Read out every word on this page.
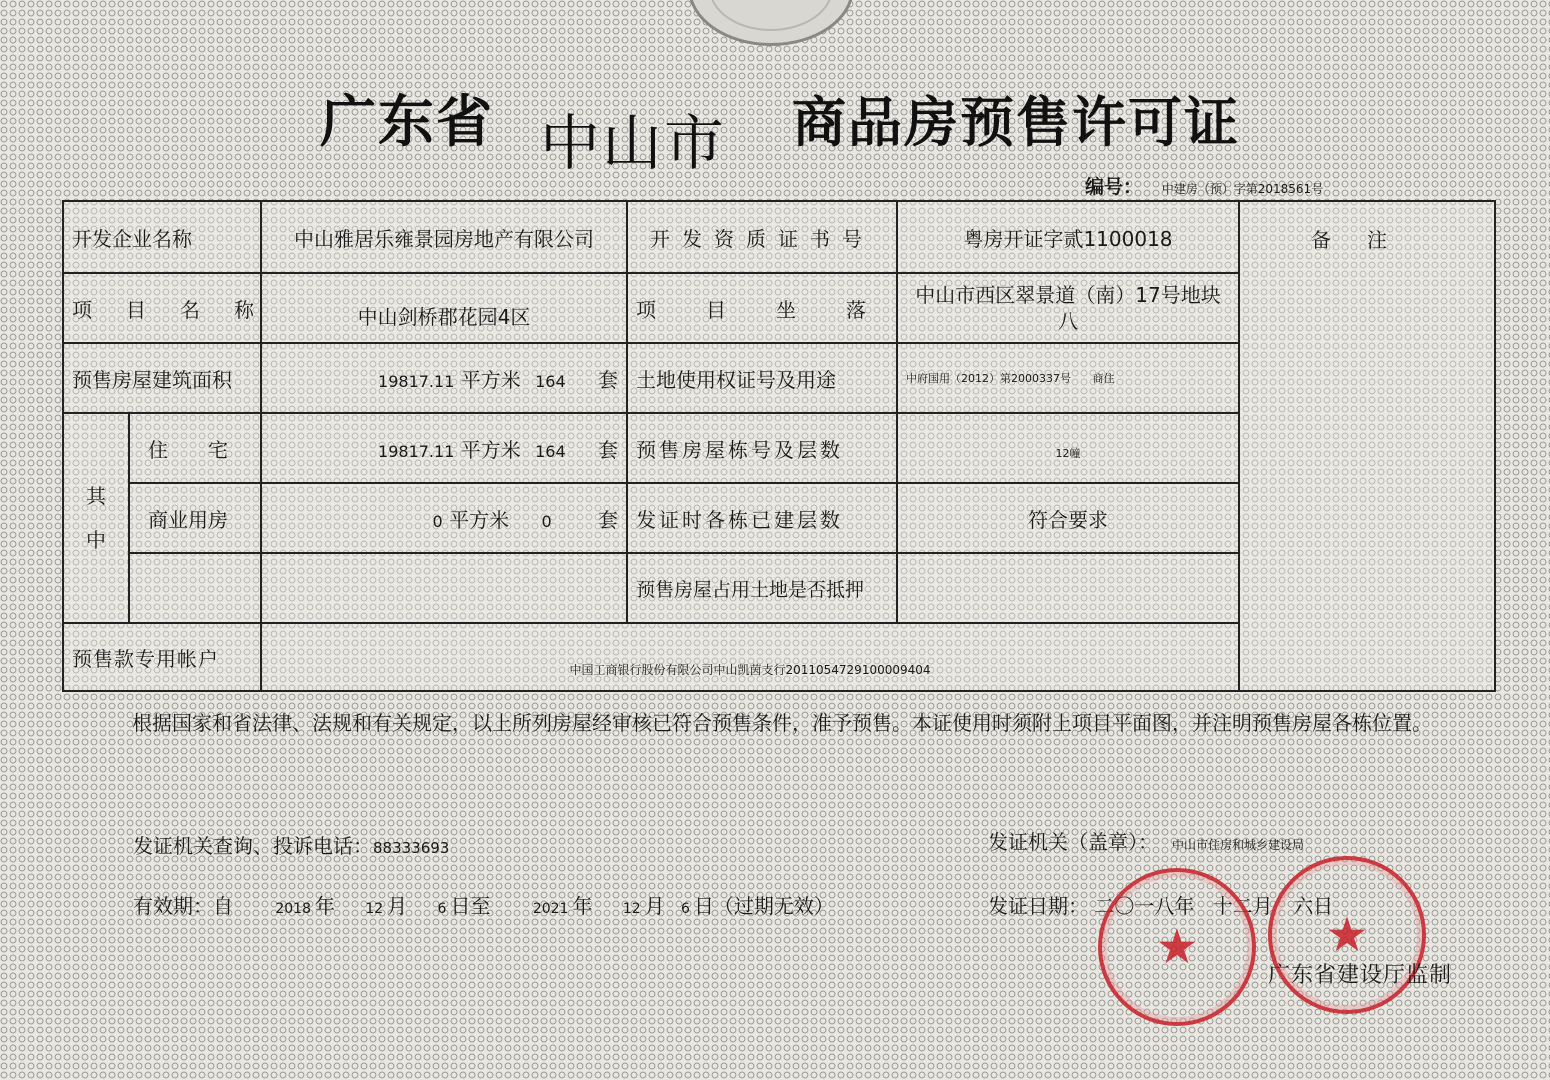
广东省 中山市 商品房预售许可证
编号： 中建房（预）字第2018561号
开发企业名称		中山雅居乐雍景园房地产有限公司	开发资质证书号	粤房开证字贰1100018	备注
项目名称		中山剑桥郡花园4区	项目坐落	中山市西区翠景道（南）17号地块八	
预售房屋建筑面积		19817.11 平方米 164 套	土地使用权证号及用途	中府国用（2012）第2000337号 商住	

其中	住宅	19817.11 平方米 164 套	预售房屋栋号及层数	12幢	
	商业用房	0 平方米 0 套	发证时各栋已建层数	符合要求	
			预售房屋占用土地是否抵押		
预售款专用帐户		中国工商银行股份有限公司中山凯茵支行2011054729100009404			
根据国家和省法律、法规和有关规定，以上所列房屋经审核已符合预售条件，准予预售。本证使用时须附上项目平面图，并注明预售房屋各栋位置。
发证机关查询、投诉电话：88333693	发证机关（盖章）： 中山市住房和城乡建设局
有效期：自	2018 年 12 月 6 日至	2021 年 12 月 6 日（过期无效）	发证日期： 二〇一八年 十二月 六日
★	★
广东省建设厅监制
